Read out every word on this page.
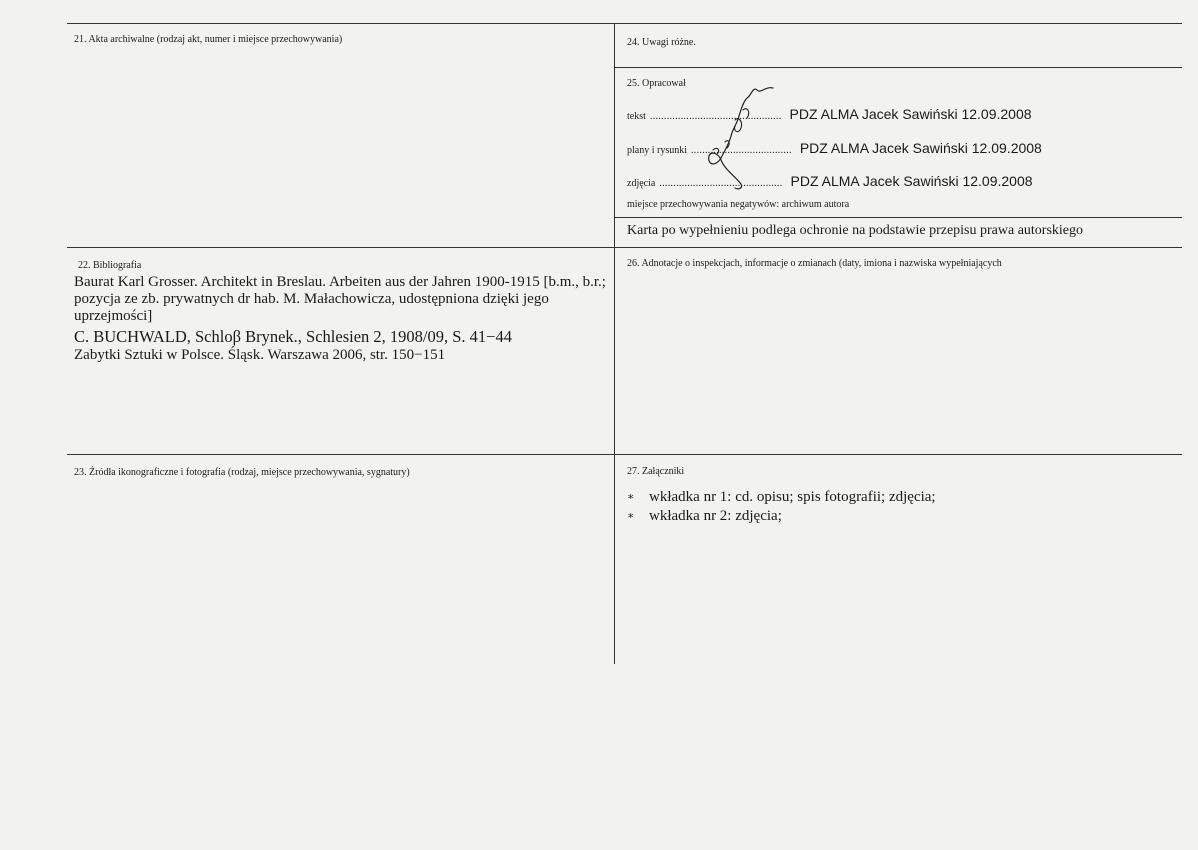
21. Akta archiwalne (rodzaj akt, numer i miejsce przechowywania)
22. Bibliografia
Baurat Karl Grosser. Architekt in Breslau. Arbeiten aus der Jahren 1900-1915 [b.m., b.r.; pozycja ze zb. prywatnych dr hab. M. Małachowicza, udostępniona dzięki jego uprzejmości]
C. BUCHWALD, Schloβ Brynek., Schlesien 2, 1908/09, S. 41−44
Zabytki Sztuki w Polsce. Śląsk. Warszawa 2006, str. 150−151
23. Źródła ikonograficzne i fotografia (rodzaj, miejsce przechowywania, sygnatury)
24. Uwagi różne.
25. Opracował
tekst ............................................... PDZ ALMA Jacek Sawiński 12.09.2008
plany i rysunki .................................... PDZ ALMA Jacek Sawiński 12.09.2008
zdjęcia ............................................ PDZ ALMA Jacek Sawiński 12.09.2008
miejsce przechowywania negatywów: archiwum autora
Karta po wypełnieniu podlega ochronie na podstawie przepisu prawa autorskiego
26. Adnotacje o inspekcjach, informacje o zmianach (daty, imiona i nazwiska wypełniających
27. Załączniki
∗ wkładka nr 1: cd. opisu; spis fotografii; zdjęcia;
∗ wkładka nr 2: zdjęcia;
